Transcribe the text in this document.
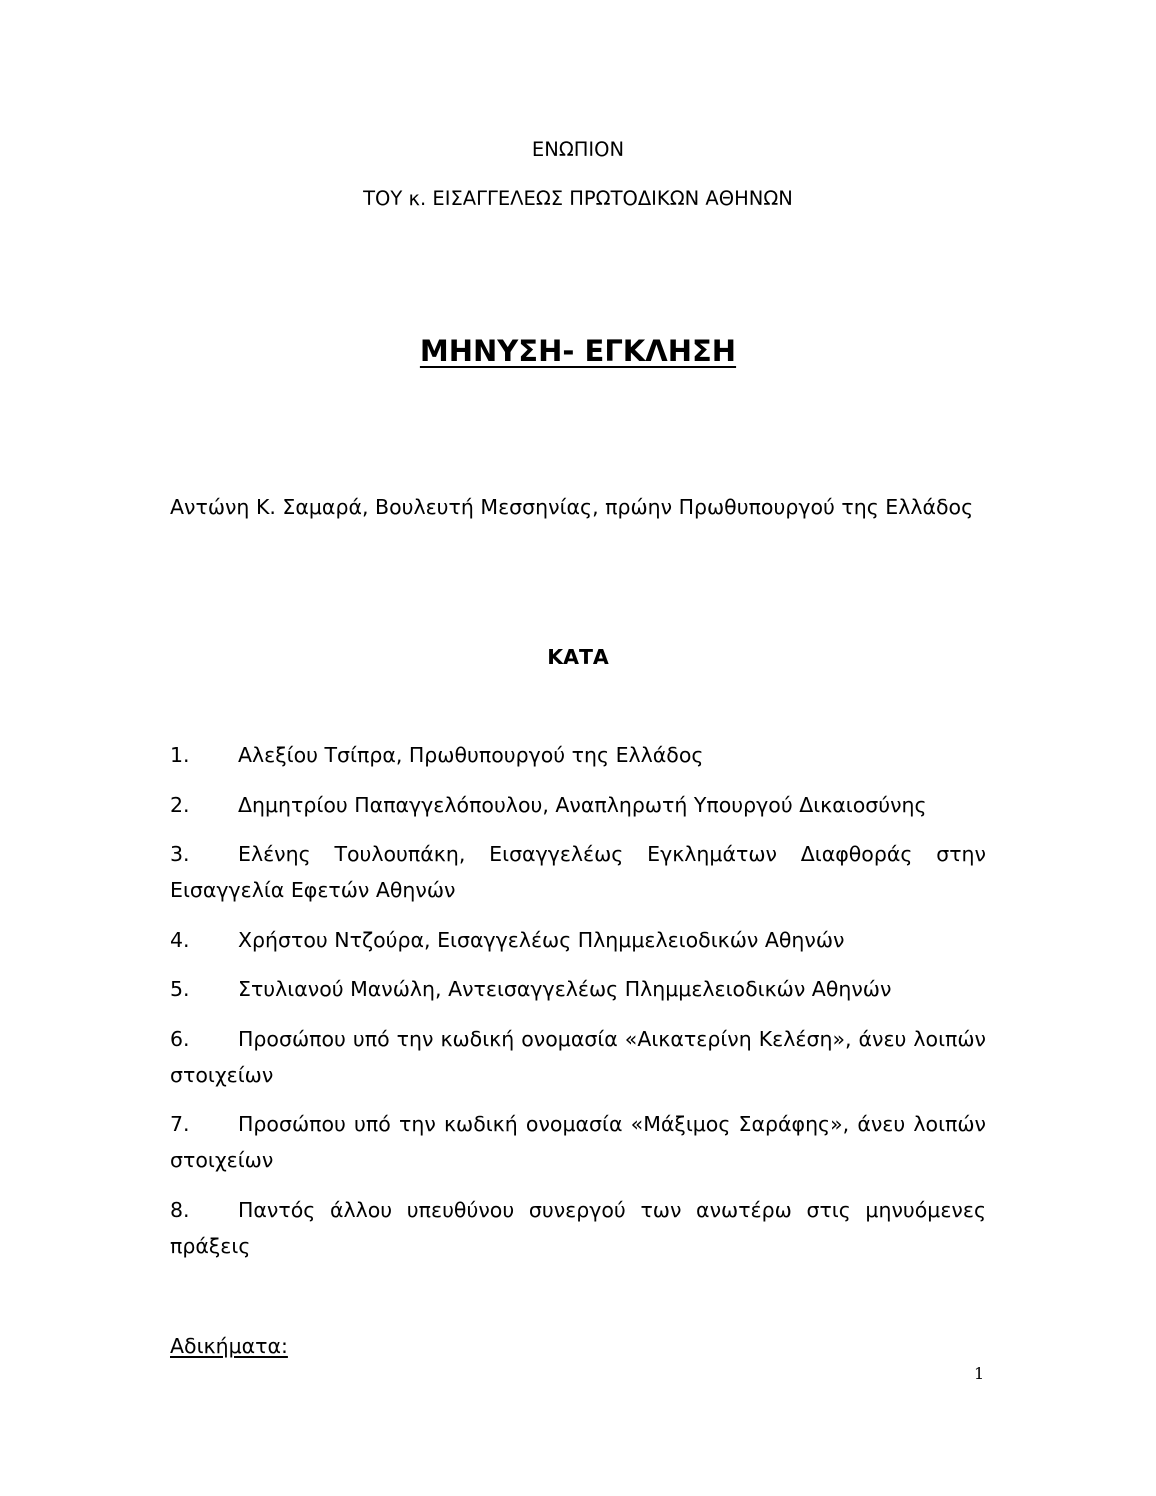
ΕΝΩΠΙΟΝ

ΤΟΥ κ. ΕΙΣΑΓΓΕΛΕΩΣ ΠΡΩΤΟΔΙΚΩΝ ΑΘΗΝΩΝ

ΜΗΝΥΣΗ- ΕΓΚΛΗΣΗ

Αντώνη Κ. Σαμαρά, Βουλευτή Μεσσηνίας, πρώην Πρωθυπουργού της Ελλάδος

ΚΑΤΑ

1. Αλεξίου Τσίπρα, Πρωθυπουργού της Ελλάδος
2. Δημητρίου Παπαγγελόπουλου, Αναπληρωτή Υπουργού Δικαιοσύνης
3. Ελένης Τουλουπάκη, Εισαγγελέως Εγκλημάτων Διαφθοράς στην Εισαγγελία Εφετών Αθηνών
4. Χρήστου Ντζούρα, Εισαγγελέως Πλημμελειοδικών Αθηνών
5. Στυλιανού Μανώλη, Αντεισαγγελέως Πλημμελειοδικών Αθηνών
6. Προσώπου υπό την κωδική ονομασία «Αικατερίνη Κελέση», άνευ λοιπών στοιχείων
7. Προσώπου υπό την κωδική ονομασία «Μάξιμος Σαράφης», άνευ λοιπών στοιχείων
8. Παντός άλλου υπευθύνου συνεργού των ανωτέρω στις μηνυόμενες πράξεις

Αδικήματα:

1
